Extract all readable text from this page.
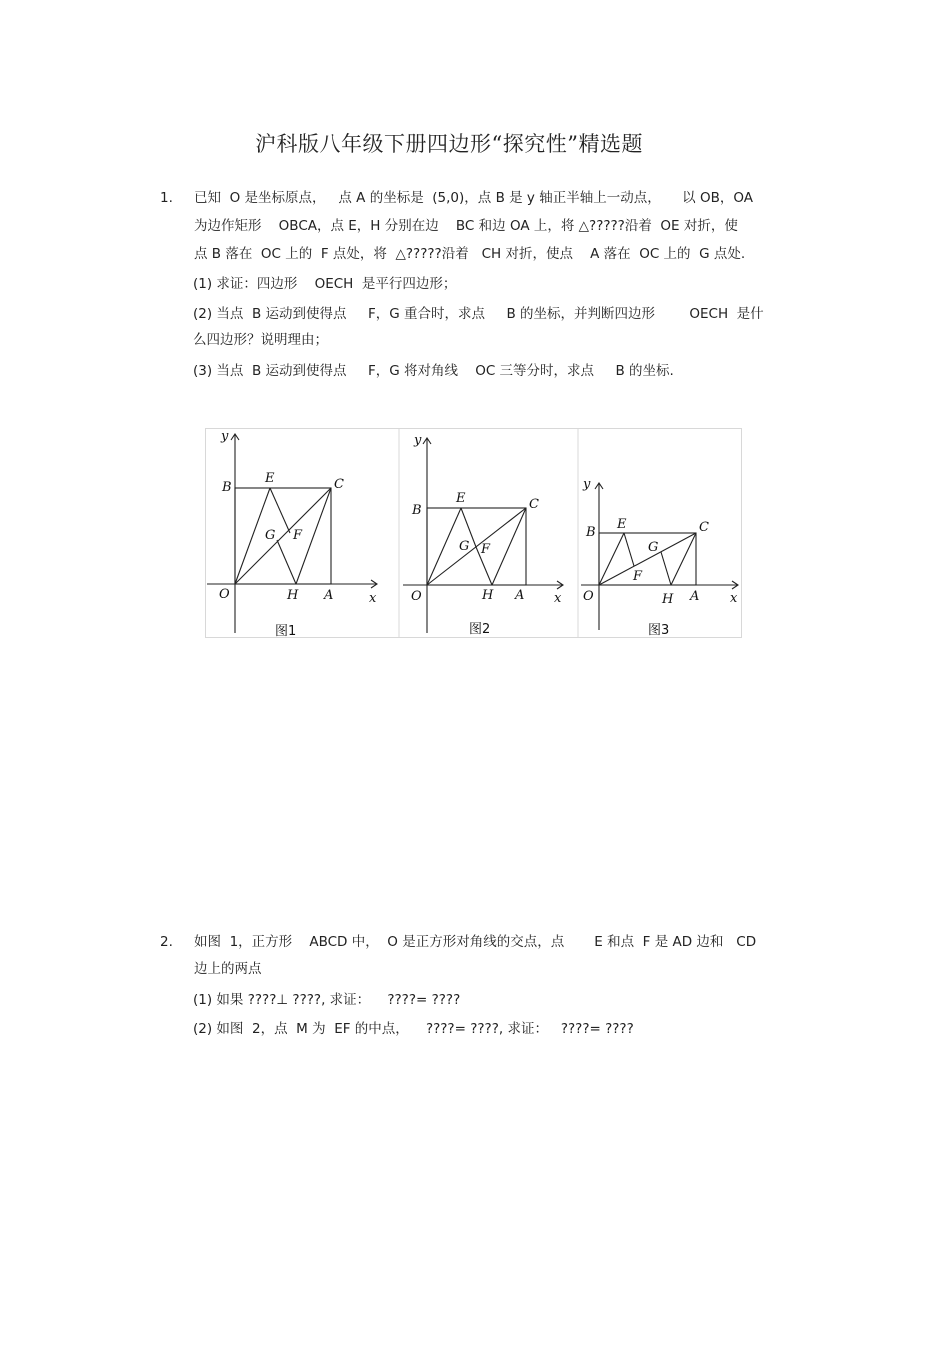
沪科版八年级下册四边形“探究性”精选题
1. 已知  O 是坐标原点，   点 A 的坐标是  (5,0)，点 B 是 y 轴正半轴上一动点，     以 OB，OA
为边作矩形    OBCA，点 E，H 分别在边    BC 和边 OA 上，将 △?????沿着  OE 对折，使
点 B 落在  OC 上的  F 点处，将  △?????沿着   CH 对折，使点    A 落在  OC 上的  G 点处.
(1) 求证：四边形    OECH  是平行四边形；
(2) 当点  B 运动到使得点     F，G 重合时，求点     B 的坐标，并判断四边形        OECH  是什
么四边形？说明理由；
(3) 当点  B 运动到使得点     F，G 将对角线    OC 三等分时，求点     B 的坐标.
y
x
O
B
E	C
G F
H A
图1
y
x
O
B
E	C
G F
H A
图2
y
x
O
B
E	C
G
F
H A
图3
2. 如图  1，正方形    ABCD 中，  O 是正方形对角线的交点，点       E 和点  F 是 AD 边和   CD
边上的两点
(1) 如果 ????⊥ ????, 求证：    ????= ????
(2) 如图  2，点  M 为  EF 的中点，    ????= ????, 求证：   ????= ????
